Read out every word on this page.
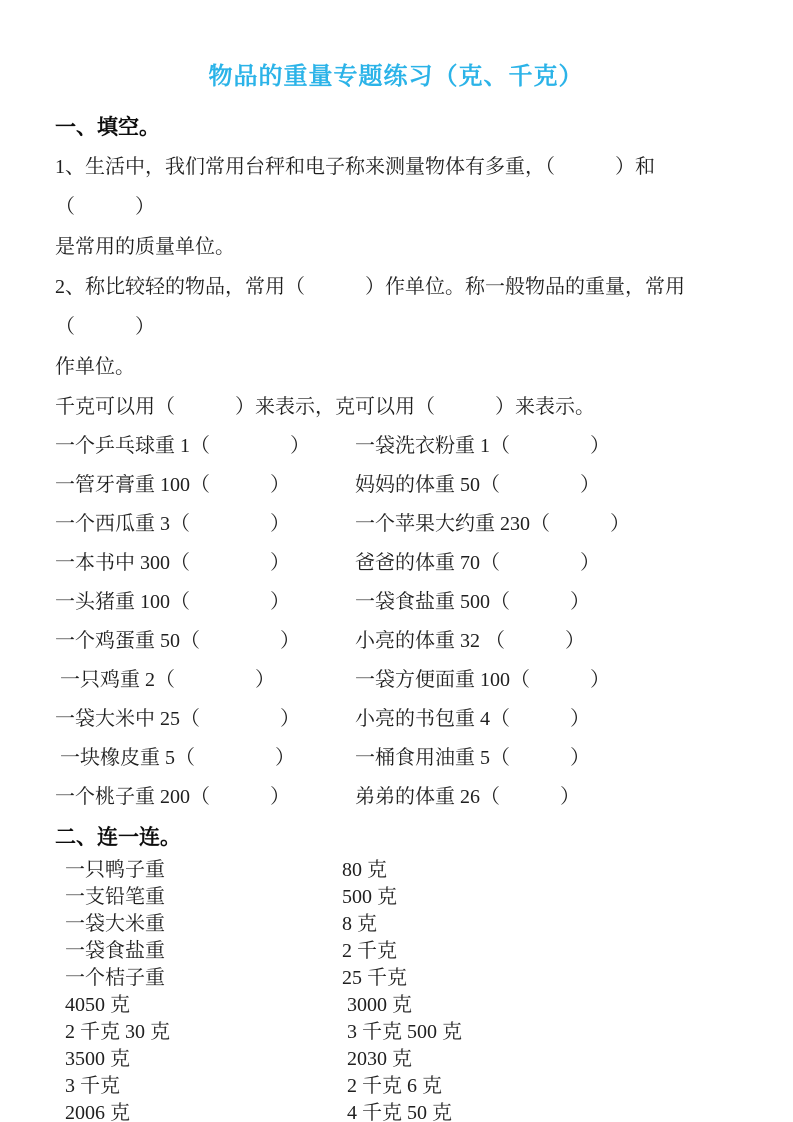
物品的重量专题练习（克、千克）
一、填空。

1、生活中，我们常用台秤和电子称来测量物体有多重，（　　　）和（　　　）

是常用的质量单位。

2、称比较轻的物品，常用（　　　）作单位。称一般物品的重量，常用（　　　）

作单位。

千克可以用（　　　）来表示，克可以用（　　　）来表示。

一个乒乓球重 1（　　　　）	一袋洗衣粉重 1（　　　　）
一管牙膏重 100（　　　）	妈妈的体重 50（　　　　）
一个西瓜重 3（　　　　）	一个苹果大约重 230（　　　）
一本书中 300（　　　　）	爸爸的体重 70（　　　　）
一头猪重 100（　　　　）	一袋食盐重 500（　　　）
一个鸡蛋重 50（　　　　）	小亮的体重 32 （　　　）
一只鸡重 2（　　　　）	一袋方便面重 100（　　　）
一袋大米中 25（　　　　）	小亮的书包重 4（　　　）
一块橡皮重 5（　　　　）	一桶食用油重 5（　　　）
一个桃子重 200（　　　）	弟弟的体重 26（　　　）
二、连一连。
一只鸭子重	80 克
一支铅笔重	500 克
一袋大米重	8 克
一袋食盐重	2 千克
一个桔子重	25 千克
4050 克	3000 克
2 千克 30 克	3 千克 500 克
3500 克	2030 克
3 千克	2 千克 6 克
2006 克	4 千克 50 克
